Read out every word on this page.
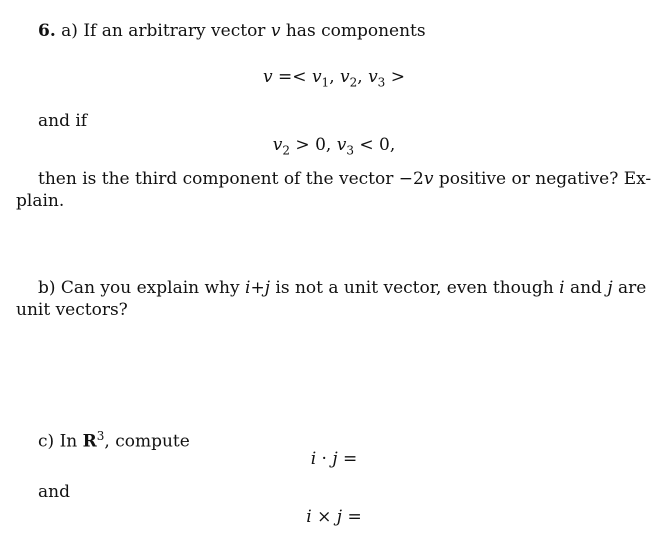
6. a) If an arbitrary vector v has components
$v =< v_1$, $v_2$, $v_3$ >
and if
$v_2 > 0$, $v_3 < 0$,
then is the third component of the vector −2v positive or negative? Ex-
plain.
b) Can you explain why i+j is not a unit vector, even though i and j are
unit vectors?
c) In $R^3$, compute
i · j =
and
i × j =
